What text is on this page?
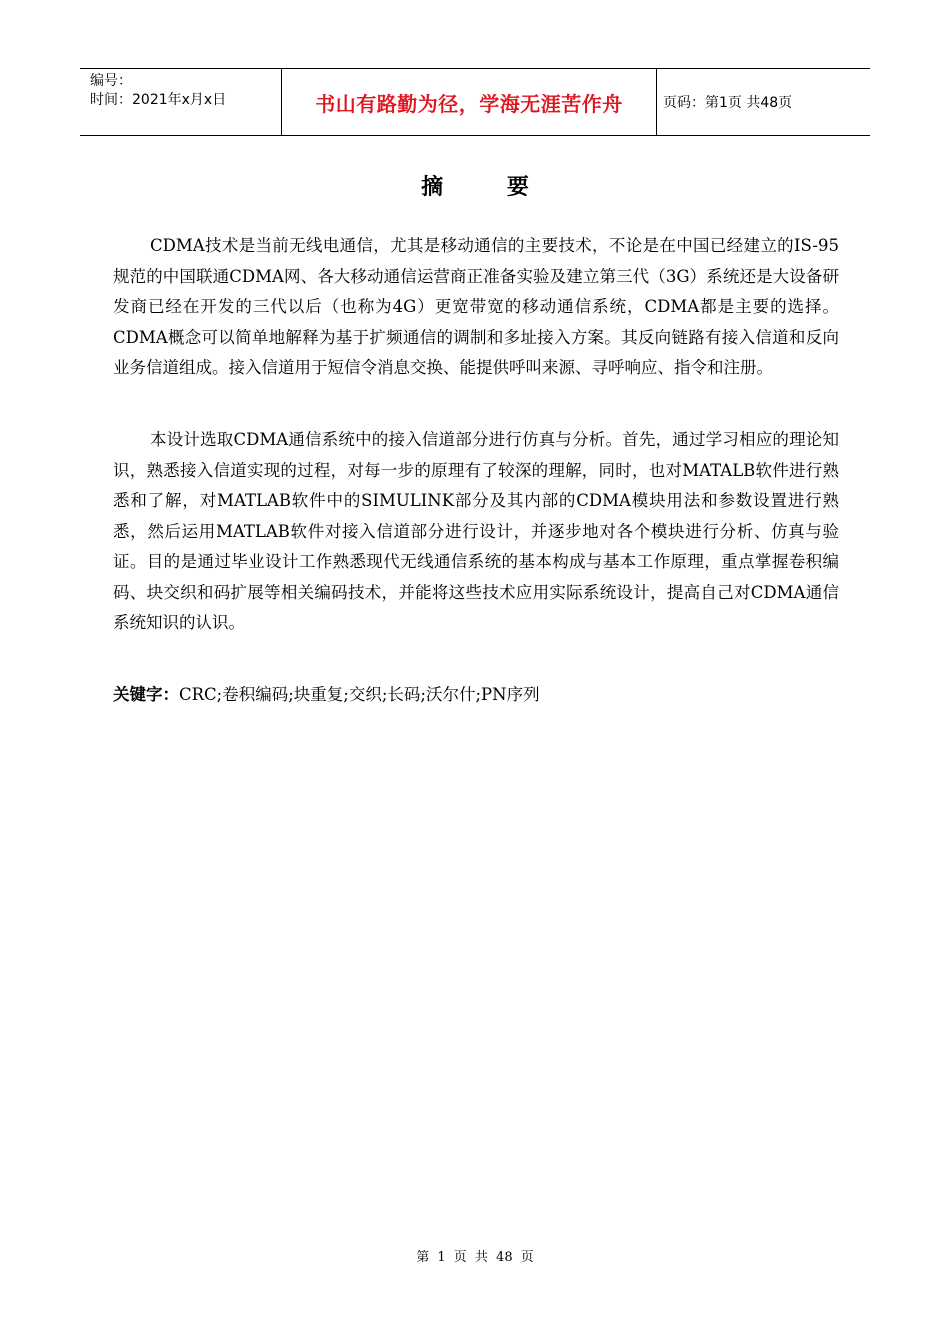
编号：
时间：2021年x月x日	书山有路勤为径，学海无涯苦作舟	页码：第1页 共48页
摘 要

CDMA技术是当前无线电通信，尤其是移动通信的主要技术，不论是在中国已经建立的IS-95规范的中国联通CDMA网、各大移动通信运营商正准备实验及建立第三代（3G）系统还是大设备研发商已经在开发的三代以后（也称为4G）更宽带宽的移动通信系统，CDMA都是主要的选择。CDMA概念可以简单地解释为基于扩频通信的调制和多址接入方案。其反向链路有接入信道和反向业务信道组成。接入信道用于短信令消息交换、能提供呼叫来源、寻呼响应、指令和注册。

本设计选取CDMA通信系统中的接入信道部分进行仿真与分析。首先，通过学习相应的理论知识，熟悉接入信道实现的过程，对每一步的原理有了较深的理解，同时，也对MATALB软件进行熟悉和了解，对MATLAB软件中的SIMULINK部分及其内部的CDMA模块用法和参数设置进行熟悉，然后运用MATLAB软件对接入信道部分进行设计，并逐步地对各个模块进行分析、仿真与验证。目的是通过毕业设计工作熟悉现代无线通信系统的基本构成与基本工作原理，重点掌握卷积编码、块交织和码扩展等相关编码技术，并能将这些技术应用实际系统设计，提高自己对CDMA通信系统知识的认识。

关键字：CRC;卷积编码;块重复;交织;长码;沃尔什;PN序列
第 1 页 共 48 页
